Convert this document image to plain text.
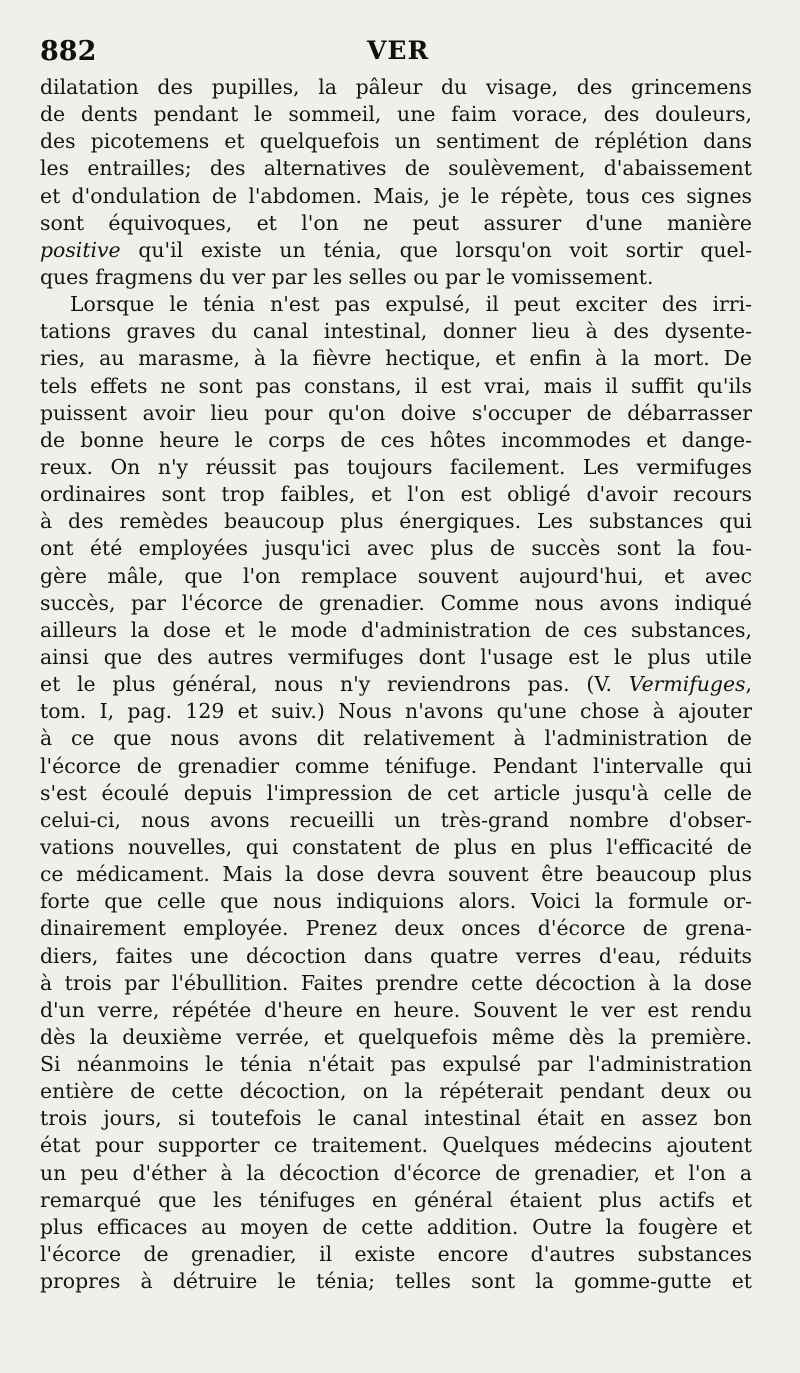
882	VER
dilatation des pupilles, la pâleur du visage, des grincemens
de dents pendant le sommeil, une faim vorace, des douleurs,
des picotemens et quelquefois un sentiment de réplétion dans
les entrailles; des alternatives de soulèvement, d'abaissement
et d'ondulation de l'abdomen. Mais, je le répète, tous ces signes
sont équivoques, et l'on ne peut assurer d'une manière
positive qu'il existe un ténia, que lorsqu'on voit sortir quel-
ques fragmens du ver par les selles ou par le vomissement.
Lorsque le ténia n'est pas expulsé, il peut exciter des irri-
tations graves du canal intestinal, donner lieu à des dysente-
ries, au marasme, à la fièvre hectique, et enfin à la mort. De
tels effets ne sont pas constans, il est vrai, mais il suffit qu'ils
puissent avoir lieu pour qu'on doive s'occuper de débarrasser
de bonne heure le corps de ces hôtes incommodes et dange-
reux. On n'y réussit pas toujours facilement. Les vermifuges
ordinaires sont trop faibles, et l'on est obligé d'avoir recours
à des remèdes beaucoup plus énergiques. Les substances qui
ont été employées jusqu'ici avec plus de succès sont la fou-
gère mâle, que l'on remplace souvent aujourd'hui, et avec
succès, par l'écorce de grenadier. Comme nous avons indiqué
ailleurs la dose et le mode d'administration de ces substances,
ainsi que des autres vermifuges dont l'usage est le plus utile
et le plus général, nous n'y reviendrons pas. (V. Vermifuges,
tom. I, pag. 129 et suiv.) Nous n'avons qu'une chose à ajouter
à ce que nous avons dit relativement à l'administration de
l'écorce de grenadier comme ténifuge. Pendant l'intervalle qui
s'est écoulé depuis l'impression de cet article jusqu'à celle de
celui-ci, nous avons recueilli un très-grand nombre d'obser-
vations nouvelles, qui constatent de plus en plus l'efficacité de
ce médicament. Mais la dose devra souvent être beaucoup plus
forte que celle que nous indiquions alors. Voici la formule or-
dinairement employée. Prenez deux onces d'écorce de grena-
diers, faites une décoction dans quatre verres d'eau, réduits
à trois par l'ébullition. Faites prendre cette décoction à la dose
d'un verre, répétée d'heure en heure. Souvent le ver est rendu
dès la deuxième verrée, et quelquefois même dès la première.
Si néanmoins le ténia n'était pas expulsé par l'administration
entière de cette décoction, on la répéterait pendant deux ou
trois jours, si toutefois le canal intestinal était en assez bon
état pour supporter ce traitement. Quelques médecins ajoutent
un peu d'éther à la décoction d'écorce de grenadier, et l'on a
remarqué que les ténifuges en général étaient plus actifs et
plus efficaces au moyen de cette addition. Outre la fougère et
l'écorce de grenadier, il existe encore d'autres substances
propres à détruire le ténia; telles sont la gomme-gutte et
